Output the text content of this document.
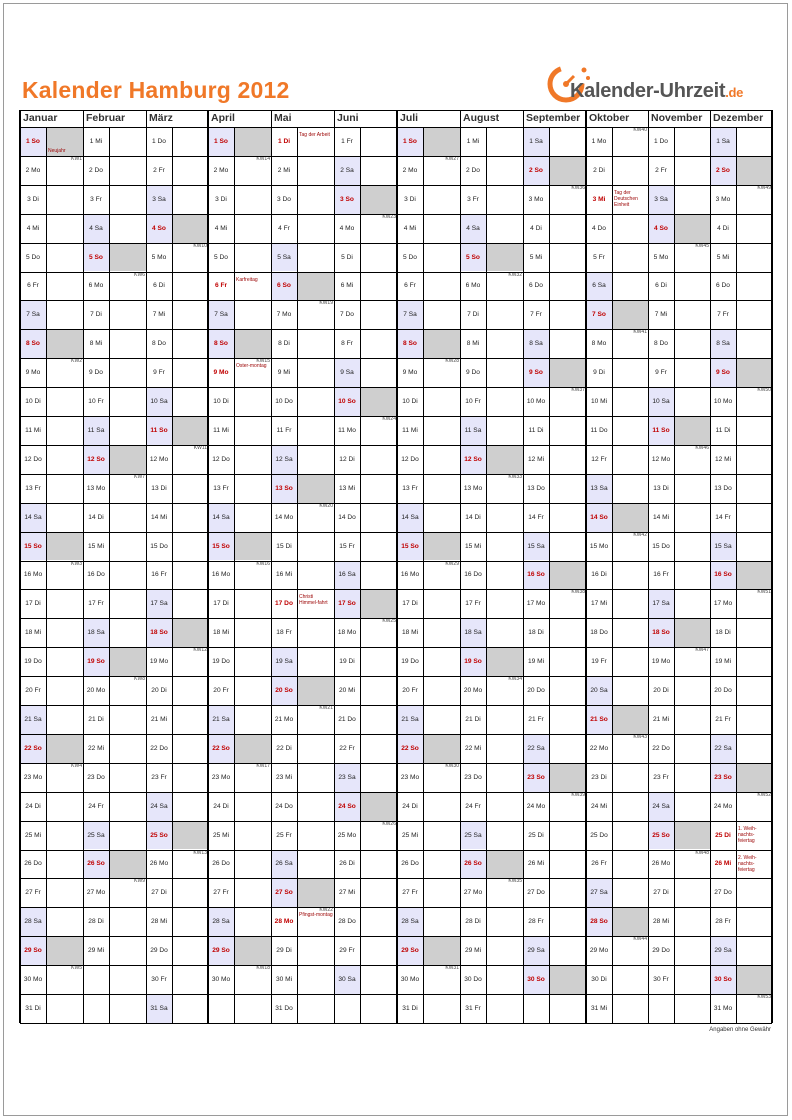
Kalender Hamburg 2012	Kalender-Uhrzeit.de
Januar
1 So
Neujahr
2 Mo
KW1
3 Di
4 Mi
5 Do
6 Fr
7 Sa
8 So
9 Mo
KW2
10 Di
11 Mi
12 Do
13 Fr
14 Sa
15 So
16 Mo
KW3
17 Di
18 Mi
19 Do
20 Fr
21 Sa
22 So
23 Mo
KW4
24 Di
25 Mi
26 Do
27 Fr
28 Sa
29 So
30 Mo
KW5
31 Di
Februar
1 Mi
2 Do
3 Fr
4 Sa
5 So
6 Mo
KW6
7 Di
8 Mi
9 Do
10 Fr
11 Sa
12 So
13 Mo
KW7
14 Di
15 Mi
16 Do
17 Fr
18 Sa
19 So
20 Mo
KW8
21 Di
22 Mi
23 Do
24 Fr
25 Sa
26 So
27 Mo
KW9
28 Di
29 Mi
März
1 Do
2 Fr
3 Sa
4 So
5 Mo
KW10
6 Di
7 Mi
8 Do
9 Fr
10 Sa
11 So
12 Mo
KW11
13 Di
14 Mi
15 Do
16 Fr
17 Sa
18 So
19 Mo
KW12
20 Di
21 Mi
22 Do
23 Fr
24 Sa
25 So
26 Mo
KW13
27 Di
28 Mi
29 Do
30 Fr
31 Sa
April
1 So
2 Mo
KW14
3 Di
4 Mi
5 Do
6 Fr
Karfreitag
7 Sa
8 So
9 Mo
Oster-montag
KW15
10 Di
11 Mi
12 Do
13 Fr
14 Sa
15 So
16 Mo
KW16
17 Di
18 Mi
19 Do
20 Fr
21 Sa
22 So
23 Mo
KW17
24 Di
25 Mi
26 Do
27 Fr
28 Sa
29 So
30 Mo
KW18
Mai
1 Di
Tag der Arbeit
2 Mi
3 Do
4 Fr
5 Sa
6 So
7 Mo
KW19
8 Di
9 Mi
10 Do
11 Fr
12 Sa
13 So
14 Mo
KW20
15 Di
16 Mi
17 Do
Christi Himmel-fahrt
18 Fr
19 Sa
20 So
21 Mo
KW21
22 Di
23 Mi
24 Do
25 Fr
26 Sa
27 So
28 Mo
Pfingst-montag
KW22
29 Di
30 Mi
31 Do
Juni
1 Fr
2 Sa
3 So
4 Mo
KW23
5 Di
6 Mi
7 Do
8 Fr
9 Sa
10 So
11 Mo
KW24
12 Di
13 Mi
14 Do
15 Fr
16 Sa
17 So
18 Mo
KW25
19 Di
20 Mi
21 Do
22 Fr
23 Sa
24 So
25 Mo
KW26
26 Di
27 Mi
28 Do
29 Fr
30 Sa
Juli
1 So
2 Mo
KW27
3 Di
4 Mi
5 Do
6 Fr
7 Sa
8 So
9 Mo
KW28
10 Di
11 Mi
12 Do
13 Fr
14 Sa
15 So
16 Mo
KW29
17 Di
18 Mi
19 Do
20 Fr
21 Sa
22 So
23 Mo
KW30
24 Di
25 Mi
26 Do
27 Fr
28 Sa
29 So
30 Mo
KW31
31 Di
August
1 Mi
2 Do
3 Fr
4 Sa
5 So
6 Mo
KW32
7 Di
8 Mi
9 Do
10 Fr
11 Sa
12 So
13 Mo
KW33
14 Di
15 Mi
16 Do
17 Fr
18 Sa
19 So
20 Mo
KW34
21 Di
22 Mi
23 Do
24 Fr
25 Sa
26 So
27 Mo
KW35
28 Di
29 Mi
30 Do
31 Fr
September
1 Sa
2 So
3 Mo
KW36
4 Di
5 Mi
6 Do
7 Fr
8 Sa
9 So
10 Mo
KW37
11 Di
12 Mi
13 Do
14 Fr
15 Sa
16 So
17 Mo
KW38
18 Di
19 Mi
20 Do
21 Fr
22 Sa
23 So
24 Mo
KW39
25 Di
26 Mi
27 Do
28 Fr
29 Sa
30 So
Oktober
1 Mo
KW40
2 Di
3 Mi
Tag der Deutschen Einheit
4 Do
5 Fr
6 Sa
7 So
8 Mo
KW41
9 Di
10 Mi
11 Do
12 Fr
13 Sa
14 So
15 Mo
KW42
16 Di
17 Mi
18 Do
19 Fr
20 Sa
21 So
22 Mo
KW43
23 Di
24 Mi
25 Do
26 Fr
27 Sa
28 So
29 Mo
KW44
30 Di
31 Mi
November
1 Do
2 Fr
3 Sa
4 So
5 Mo
KW45
6 Di
7 Mi
8 Do
9 Fr
10 Sa
11 So
12 Mo
KW46
13 Di
14 Mi
15 Do
16 Fr
17 Sa
18 So
19 Mo
KW47
20 Di
21 Mi
22 Do
23 Fr
24 Sa
25 So
26 Mo
KW48
27 Di
28 Mi
29 Do
30 Fr
Dezember
1 Sa
2 So
3 Mo
KW49
4 Di
5 Mi
6 Do
7 Fr
8 Sa
9 So
10 Mo
KW50
11 Di
12 Mi
13 Do
14 Fr
15 Sa
16 So
17 Mo
KW51
18 Di
19 Mi
20 Do
21 Fr
22 Sa
23 So
24 Mo
KW52
25 Di
1. Weih-nachts-feiertag
26 Mi
2. Weih-nachts-feiertag
27 Do
28 Fr
29 Sa
30 So
31 Mo
KW53
Angaben ohne Gewähr
